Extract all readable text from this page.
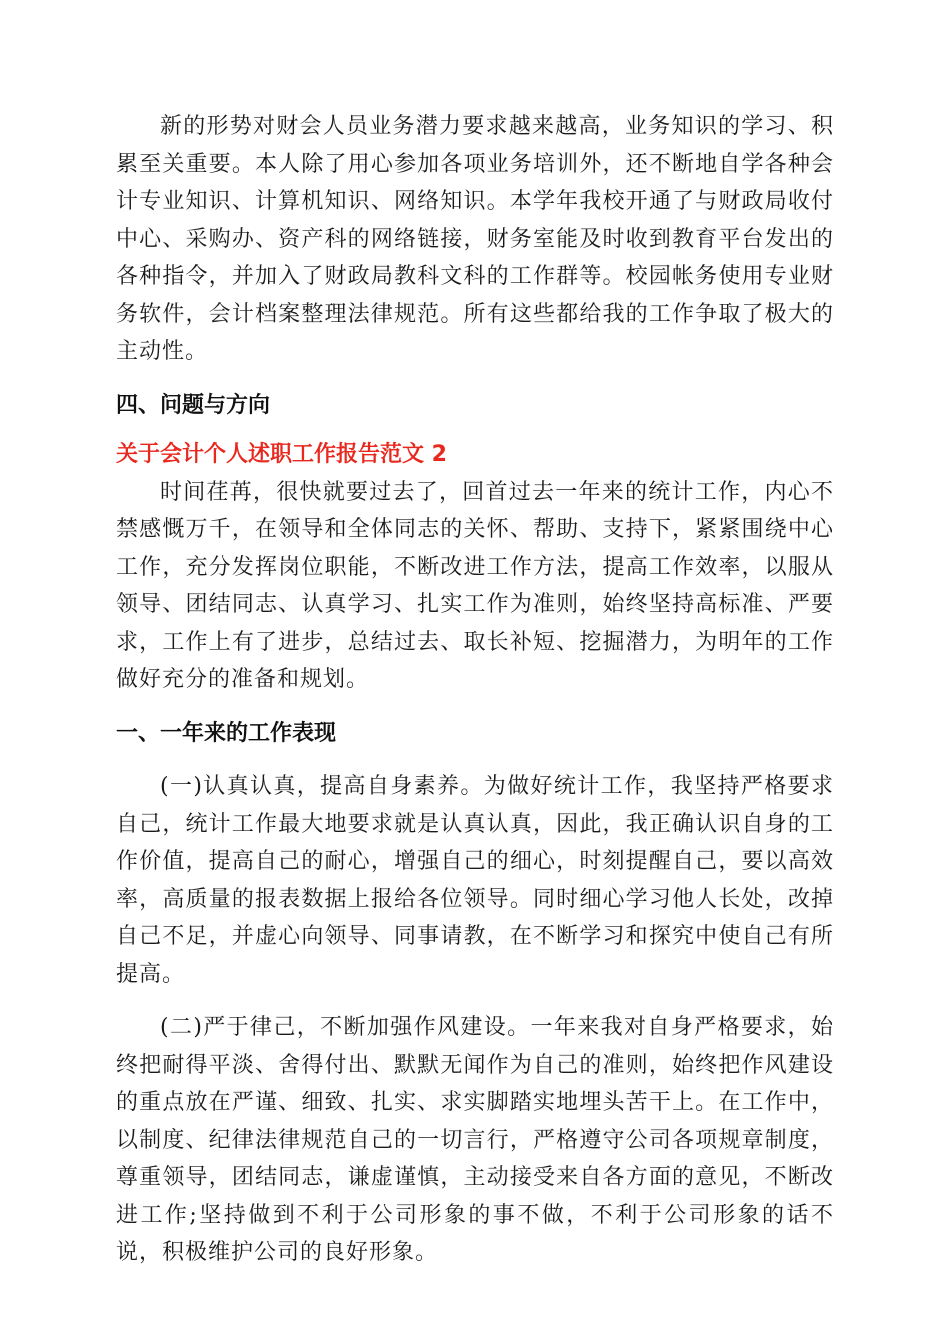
新的形势对财会人员业务潜力要求越来越高，业务知识的学习、积累至关重要。本人除了用心参加各项业务培训外，还不断地自学各种会计专业知识、计算机知识、网络知识。本学年我校开通了与财政局收付中心、采购办、资产科的网络链接，财务室能及时收到教育平台发出的各种指令，并加入了财政局教科文科的工作群等。校园帐务使用专业财务软件，会计档案整理法律规范。所有这些都给我的工作争取了极大的主动性。

四、问题与方向

关于会计个人述职工作报告范文 2

时间荏苒，很快就要过去了，回首过去一年来的统计工作，内心不禁感慨万千，在领导和全体同志的关怀、帮助、支持下，紧紧围绕中心工作，充分发挥岗位职能，不断改进工作方法，提高工作效率，以服从领导、团结同志、认真学习、扎实工作为准则，始终坚持高标准、严要求，工作上有了进步，总结过去、取长补短、挖掘潜力，为明年的工作做好充分的准备和规划。

一、一年来的工作表现

(一)认真认真，提高自身素养。为做好统计工作，我坚持严格要求自己，统计工作最大地要求就是认真认真，因此，我正确认识自身的工作价值，提高自己的耐心，增强自己的细心，时刻提醒自己，要以高效率，高质量的报表数据上报给各位领导。同时细心学习他人长处，改掉自己不足，并虚心向领导、同事请教，在不断学习和探究中使自己有所提高。

(二)严于律己，不断加强作风建设。一年来我对自身严格要求，始终把耐得平淡、舍得付出、默默无闻作为自己的准则，始终把作风建设的重点放在严谨、细致、扎实、求实脚踏实地埋头苦干上。在工作中，以制度、纪律法律规范自己的一切言行，严格遵守公司各项规章制度，尊重领导，团结同志，谦虚谨慎，主动接受来自各方面的意见，不断改进工作;坚持做到不利于公司形象的事不做，不利于公司形象的话不说，积极维护公司的良好形象。
